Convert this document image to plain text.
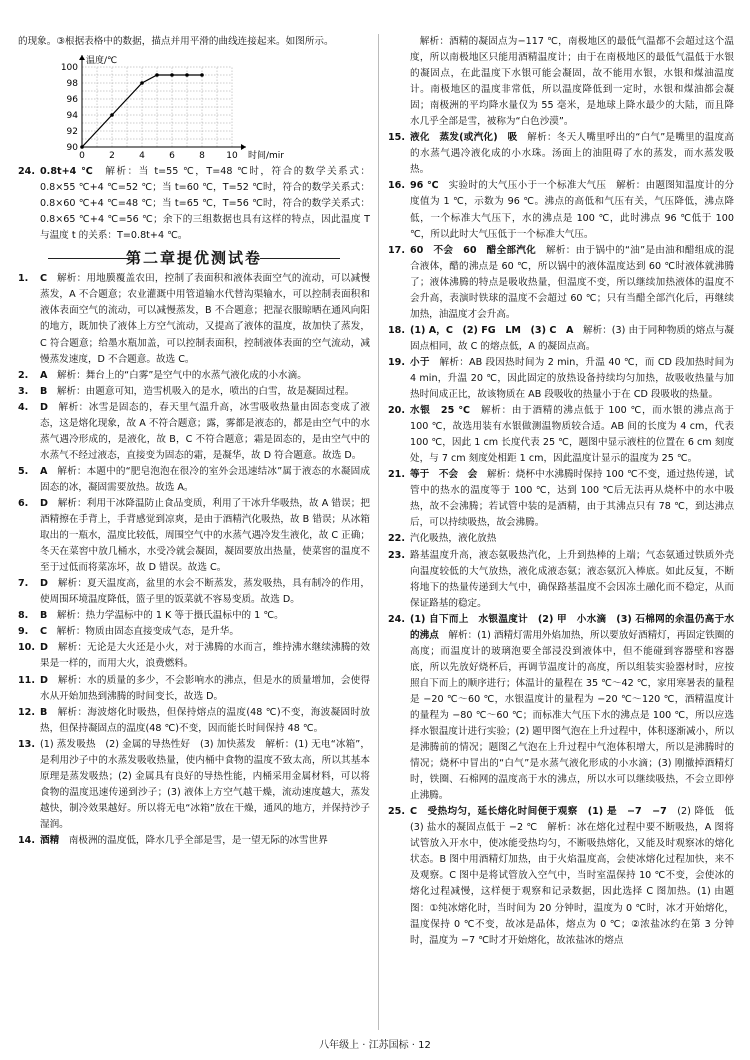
的现象。③根据表格中的数据，描点并用平滑的曲线连接起来。如图所示。

0	2	4	6	8 10
90
92
94
96
98
100
温度/℃
时间/min
24. 0.8t+4 ℃　解析：当 t=55 ℃，T=48 ℃时，符合的数学关系式：0.8×55 ℃+4 ℃=52 ℃；当 t=60 ℃，T=52 ℃时，符合的数学关系式：0.8×60 ℃+4 ℃=48 ℃；当 t=65 ℃，T=56 ℃时，符合的数学关系式：0.8×65 ℃+4 ℃=56 ℃；余下的三组数据也具有这样的特点，因此温度 T 与温度 t 的关系：T=0.8t+4 ℃。
第二章提优测试卷
1.	C　解析：用地膜覆盖农田，控制了表面积和液体表面空气的流动，可以减慢蒸发，A 不合题意；农业灌溉中用管道输水代替沟渠输水，可以控制表面积和液体表面空气的流动，可以减慢蒸发，B 不合题意；把湿衣服晾晒在通风向阳的地方，既加快了液体上方空气流动，又提高了液体的温度，故加快了蒸发，C 符合题意；给墨水瓶加盖，可以控制表面积，控制液体表面的空气流动，减慢蒸发速度，D 不合题意。故选 C。
2.	A　解析：舞台上的“白雾”是空气中的水蒸气液化成的小水滴。
3.	B　解析：由题意可知，造雪机吸入的是水，喷出的白雪，故是凝固过程。
4.	D　解析：冰雪是固态的，春天里气温升高，冰雪吸收热量由固态变成了液态，这是熔化现象，故 A 不符合题意；露，雾都是液态的，都是由空气中的水蒸气遇冷形成的，是液化，故 B，C 不符合题意；霜是固态的，是由空气中的水蒸气不经过液态，直接变为固态的霜，是凝华，故 D 符合题意。故选 D。
5.	A　解析：本题中的“肥皂泡泡在很冷的室外会迅速结冰”属于液态的水凝固成固态的冰，凝固需要放热。故选 A。
6.	D　解析：利用干冰降温防止食品变质，利用了干冰升华吸热，故 A 错误；把酒精擦在手背上，手背感觉到凉爽，是由于酒精汽化吸热，故 B 错误；从冰箱取出的一瓶水，温度比较低，周围空气中的水蒸气遇冷发生液化，故 C 正确；冬天在菜窖中放几桶水，水受冷就会凝固，凝固要放出热量，使菜窖的温度不至于过低而将菜冻坏，故 D 错误。故选 C。
7.	D　解析：夏天温度高，盆里的水会不断蒸发，蒸发吸热，具有制冷的作用，使周围环境温度降低，篮子里的饭菜就不容易变质。故选 D。
8.	B　解析：热力学温标中的 1 K 等于摄氏温标中的 1 ℃。
9.	C　解析：物质由固态直接变成气态，是升华。
10. D　解析：无论是大火还是小火，对于沸腾的水而言，维持沸水继续沸腾的效果是一样的，而用大火，浪费燃料。
11. D　解析：水的质量的多少，不会影响水的沸点，但是水的质量增加，会使得水从开始加热到沸腾的时间变长，故选 D。
12. B　解析：海波熔化时吸热，但保持熔点的温度(48 ℃)不变，海波凝固时放热，但保持凝固点的温度(48 ℃)不变，因而能长时间保持 48 ℃。
13. (1) 蒸发吸热　(2) 金属的导热性好　(3) 加快蒸发　解析：(1) 无电“冰箱”，是利用沙子中的水蒸发吸收热量，使内桶中食物的温度不致太高，所以其基本原理是蒸发吸热；(2) 金属具有良好的导热性能，内桶采用金属材料，可以将食物的温度迅速传递到沙子；(3) 液体上方空气越干燥，流动速度越大，蒸发越快，制冷效果越好。所以将无电“冰箱”放在干燥，通风的地方，并保持沙子湿润。
14. 酒精　南极洲的温度低，降水几乎全部是雪，是一望无际的冰雪世界
　解析：酒精的凝固点为−117 ℃，南极地区的最低气温都不会超过这个温度，所以南极地区只能用酒精温度计；由于在南极地区的最低气温低于水银的凝固点，在此温度下水银可能会凝固，故不能用水银，水银和煤油温度计。南极地区的温度非常低，所以温度降低到一定时，水银和煤油都会凝固；南极洲的平均降水量仅为 55 毫米，是地球上降水最少的大陆，而且降水几乎全部是雪，被称为“白色沙漠”。
15. 液化　蒸发(或汽化)　吸　解析：冬天人嘴里呼出的“白气”是嘴里的温度高的水蒸气遇冷液化成的小水珠。汤面上的油阻碍了水的蒸发，而水蒸发吸热。
16. 96 ℃　实验时的大气压小于一个标准大气压　解析：由题图知温度计的分度值为 1 ℃，示数为 96 ℃。沸点的高低和气压有关，气压降低，沸点降低，一个标准大气压下，水的沸点是 100 ℃，此时沸点 96 ℃低于 100 ℃，所以此时大气压低于一个标准大气压。
17. 60　不会　60　醋全部汽化　解析：由于锅中的“油”是由油和醋组成的混合液体，醋的沸点是 60 ℃，所以锅中的液体温度达到 60 ℃时液体就沸腾了；液体沸腾的特点是吸收热量，但温度不变，所以继续加热液体的温度不会升高，表演时铁球的温度不会超过 60 ℃；只有当醋全部汽化后，再继续加热，油温度才会升高。
18. (1) A，C　(2) FG　LM　(3) C　A　解析：(3) 由于同种物质的熔点与凝固点相同，故 C 的熔点低，A 的凝固点高。
19. 小于　解析：AB 段因热时间为 2 min，升温 40 ℃，而 CD 段加热时间为 4 min，升温 20 ℃，因此固定的放热设备持续均匀加热，故吸收热量与加热时间成正比，故该物质在 AB 段吸收的热量小于在 CD 段吸收的热量。
20. 水银　25 ℃　解析：由于酒精的沸点低于 100 ℃，而水银的沸点高于 100 ℃，故选用装有水银做测温物质较合适。AB 间的长度为 4 cm，代表 100 ℃，因此 1 cm 长度代表 25 ℃，题图中显示液柱的位置在 6 cm 刻度处，与 7 cm 刻度处相距 1 cm，因此温度计显示的温度为 25 ℃。
21. 等于　不会　会　解析：烧杯中水沸腾时保持 100 ℃不变，通过热传递，试管中的热水的温度等于 100 ℃，达到 100 ℃后无法再从烧杯中的水中吸热，故不会沸腾；若试管中装的是酒精，由于其沸点只有 78 ℃，到达沸点后，可以持续吸热，故会沸腾。
22. 汽化吸热，液化放热
23. 路基温度升高，液态氨吸热汽化，上升到热棒的上端；气态氨通过铁质外壳向温度较低的大气放热，液化成液态氨；液态氨沉入棒底。如此反复，不断将地下的热量传递到大气中，确保路基温度不会因冻土融化而不稳定，从而保证路基的稳定。
24. (1) 自下而上　水银温度计　(2) 甲　小水滴　(3) 石棉网的余温仍高于水的沸点　解析：(1) 酒精灯需用外焰加热，所以要放好酒精灯，再固定铁圈的高度；而温度计的玻璃泡要全部浸没到液体中，但不能碰到容器壁和容器底，所以先放好烧杯后，再调节温度计的高度，所以组装实验器材时，应按照自下而上的顺序进行；体温计的量程在 35 ℃～42 ℃，家用寒暑表的量程是 −20 ℃～60 ℃，水银温度计的量程为 −20 ℃～120 ℃，酒精温度计的量程为 −80 ℃～60 ℃；而标准大气压下水的沸点是 100 ℃，所以应选择水银温度计进行实验；(2) 题甲图气泡在上升过程中，体积逐渐减小，所以是沸腾前的情况；题图乙气泡在上升过程中气泡体积增大，所以是沸腾时的情况；烧杯中冒出的“白气”是水蒸气液化形成的小水滴；(3) 刚撤掉酒精灯时，铁圈、石棉网的温度高于水的沸点，所以水可以继续吸热，不会立即停止沸腾。
25. C　受热均匀，延长熔化时间便于观察　(1) 是　−7　−7　(2) 降低　低　(3) 盐水的凝固点低于 −2 ℃　解析：冰在熔化过程中要不断吸热，A 图将试管放入开水中，使冰能受热均匀，不断吸热熔化，又能及时观察冰的熔化状态。B 图中用酒精灯加热，由于火焰温度高，会使冰熔化过程加快，来不及观察。C 图中是将试管放入空气中，当时室温保持 10 ℃不变，会使冰的熔化过程减慢，这样便于观察和记录数据，因此选择 C 图加热。(1) 由题图：①纯冰熔化时，当时间为 20 分钟时，温度为 0 ℃时，冰才开始熔化，温度保持 0 ℃不变，故冰是晶体，熔点为 0 ℃；②浓盐冰约在第 3 分钟时，温度为 −7 ℃时才开始熔化，故浓盐冰的熔点
八年级上 · 江苏国标 · 12
